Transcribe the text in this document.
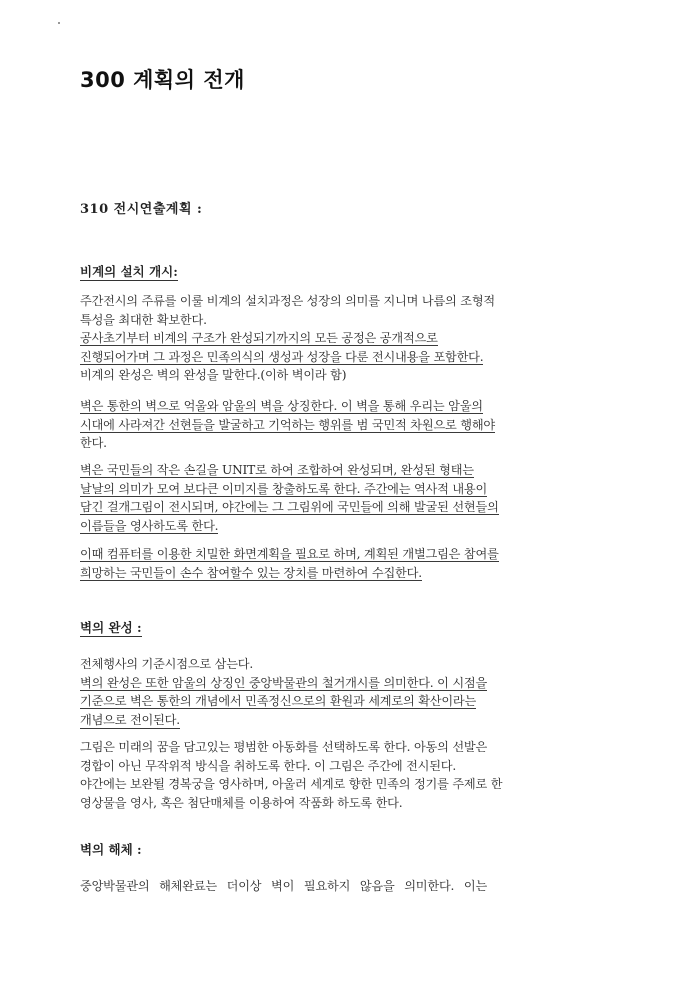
300 계획의 전개
310 전시연출계획 :
비계의 설치 개시:
주간전시의 주류를 이룰 비계의 설치과정은 성장의 의미를 지니며 나름의 조형적
특성을 최대한 확보한다.
공사초기부터 비계의 구조가 완성되기까지의 모든 공정은 공개적으로
진행되어가며 그 과정은 민족의식의 생성과 성장을 다룬 전시내용을 포함한다.
비계의 완성은 벽의 완성을 말한다.(이하 벽이라 함)
벽은 통한의 벽으로 억울와 암울의 벽을 상징한다. 이 벽을 통해 우리는 암울의
시대에 사라져간 선현들을 발굴하고 기억하는 행위를 범 국민적 차원으로 행해야
한다.
벽은 국민들의 작은 손길을 UNIT로 하여 조합하여 완성되며, 완성된 형태는
날날의 의미가 모여 보다큰 이미지를 창출하도록 한다. 주간에는 역사적 내용이
담긴 걸개그림이 전시되며, 야간에는 그 그림위에 국민들에 의해 발굴된 선현들의
이름들을 영사하도록 한다.
이때 컴퓨터를 이용한 치밀한 화면계획을 필요로 하며, 계획된 개별그림은 참여를
희망하는 국민들이 손수 참여할수 있는 장치를 마련하여 수집한다.
벽의 완성 :
전체행사의 기준시점으로 삼는다.
벽의 완성은 또한 암울의 상징인 중앙박물관의 철거개시를 의미한다. 이 시점을
기준으로 벽은 통한의 개념에서 민족정신으로의 환원과 세계로의 확산이라는
개념으로 전이된다.
그림은 미래의 꿈을 담고있는 평범한 아동화를 선택하도록 한다. 아동의 선발은
경합이 아닌 무작위적 방식을 취하도록 한다. 이 그림은 주간에 전시된다.
야간에는 보완될 경복궁을 영사하며, 아울러 세계로 향한 민족의 정기를 주제로 한
영상물을 영사, 혹은 첨단매체를 이용하여 작품화 하도록 한다.
벽의 해체 :
중앙박물관의 해체완료는 더이상 벽이 필요하지 않음을 의미한다. 이는
